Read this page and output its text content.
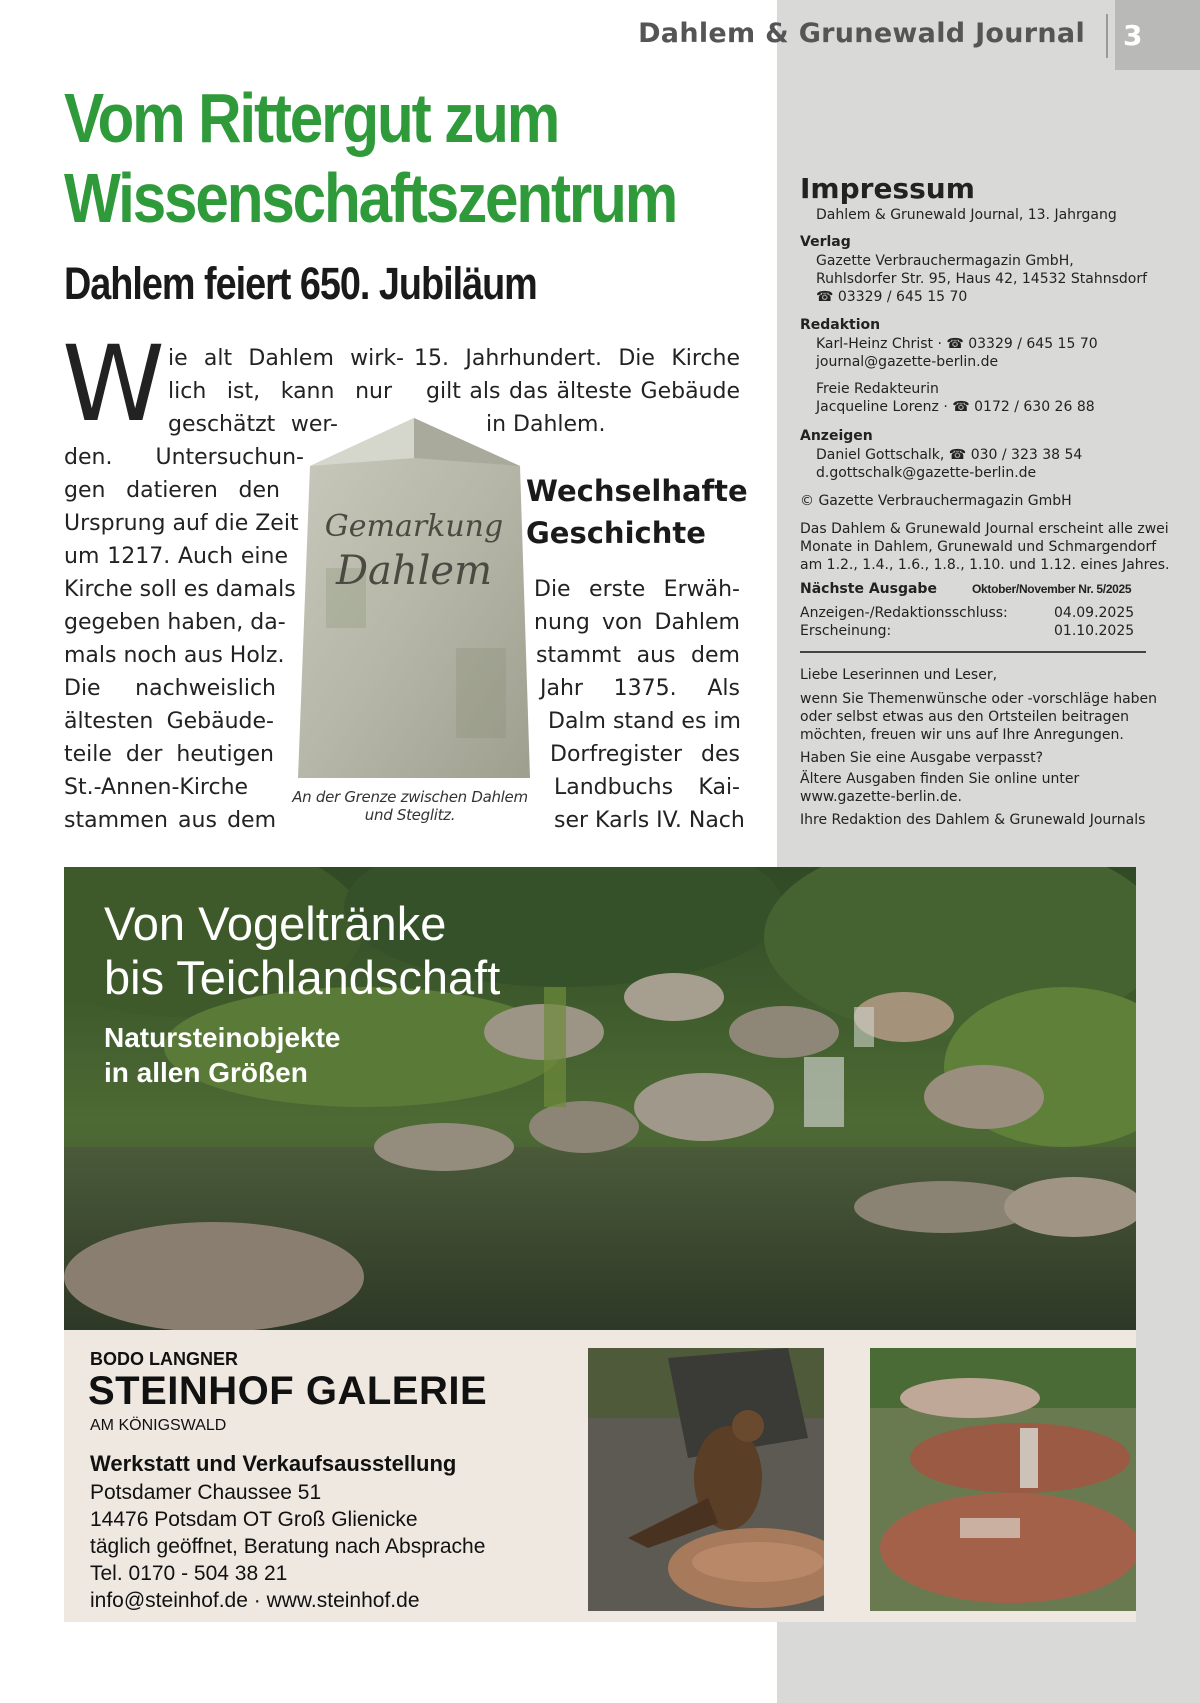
Dahlem & Grunewald Journal 3
Vom Rittergut zum
Wissenschaftszentrum
Dahlem feiert 650. Jubiläum
W ie alt Dahlem wirk-
lich ist, kann nur
geschätzt wer-
den. Untersuchun-
gen datieren den
Ursprung auf die Zeit
um 1217. Auch eine
Kirche soll es damals
gegeben haben, da-
mals noch aus Holz.
Die nachweislich
ältesten Gebäude-
teile der heutigen
St.-Annen-Kirche
stammen aus dem
15. Jahrhundert. Die Kirche
gilt als das älteste Gebäude
in Dahlem.
Gemarkung
Dahlem
An der Grenze zwischen Dahlem
und Steglitz.
Wechselhafte
Geschichte
Die erste Erwäh-
nung von Dahlem
stammt aus dem
Jahr 1375. Als
Dalm stand es im
Dorfregister des
Landbuchs Kai-
ser Karls IV. Nach
Impressum
Dahlem & Grunewald Journal, 13. Jahrgang
Verlag
Gazette Verbrauchermagazin GmbH,
Ruhlsdorfer Str. 95, Haus 42, 14532 Stahnsdorf
☎ 03329 / 645 15 70
Redaktion
Karl-Heinz Christ · ☎ 03329 / 645 15 70
journal@gazette-berlin.de
Freie Redakteurin
Jacqueline Lorenz · ☎ 0172 / 630 26 88
Anzeigen
Daniel Gottschalk, ☎ 030 / 323 38 54
d.gottschalk@gazette-berlin.de
© Gazette Verbrauchermagazin GmbH
Das Dahlem & Grunewald Journal erscheint alle zwei
Monate in Dahlem, Grunewald und Schmargendorf
am 1.2., 1.4., 1.6., 1.8., 1.10. und 1.12. eines Jahres.
Nächste Ausgabe	Oktober/November Nr. 5/2025
Anzeigen-/Redaktionsschluss:	04.09.2025
Erscheinung:	01.10.2025
Liebe Leserinnen und Leser,
wenn Sie Themenwünsche oder -vorschläge haben
oder selbst etwas aus den Ortsteilen beitragen
möchten, freuen wir uns auf Ihre Anregungen.
Haben Sie eine Ausgabe verpasst?
Ältere Ausgaben finden Sie online unter
www.gazette-berlin.de.
Ihre Redaktion des Dahlem & Grunewald Journals
Von Vogeltränke
bis Teichlandschaft
Natursteinobjekte
in allen Größen
BODO LANGNER
STEINHOF GALERIE
AM KÖNIGSWALD
Werkstatt und Verkaufsausstellung
Potsdamer Chaussee 51
14476 Potsdam OT Groß Glienicke
täglich geöffnet, Beratung nach Absprache
Tel. 0170 - 504 38 21
info@steinhof.de · www.steinhof.de
